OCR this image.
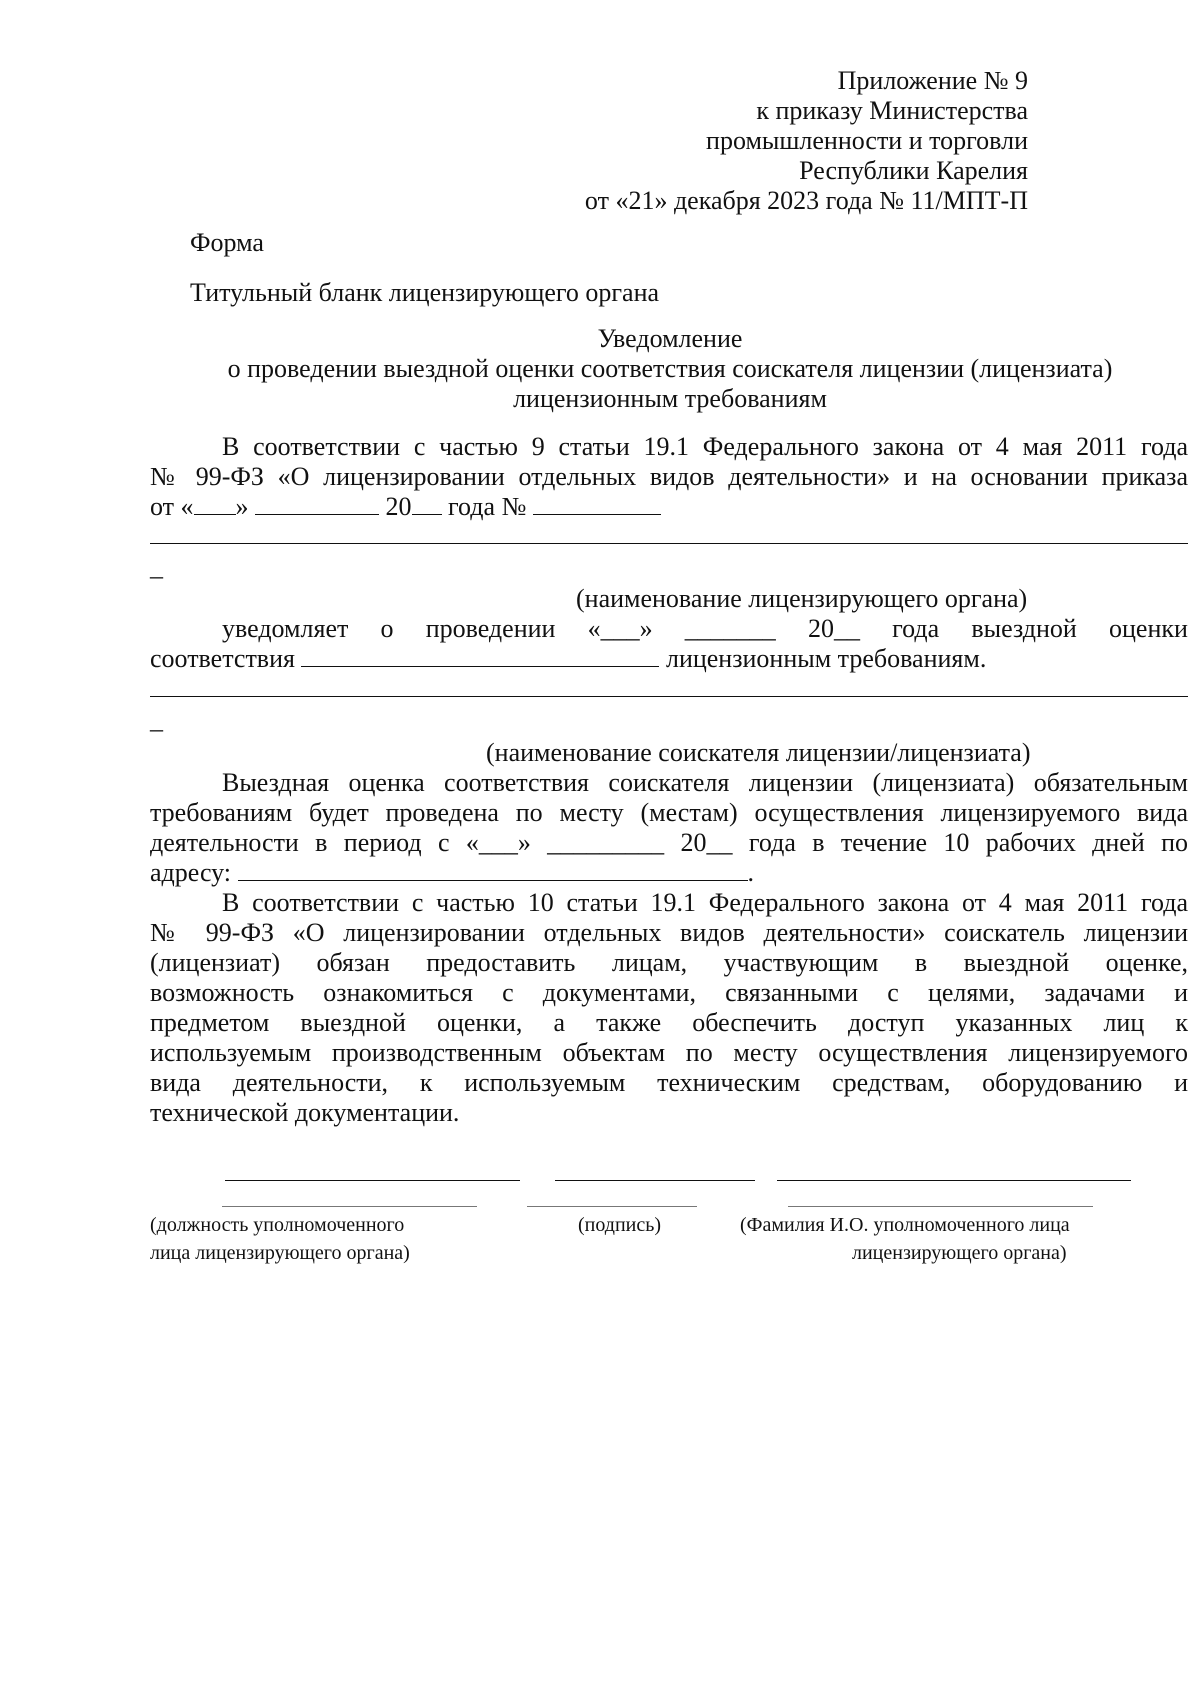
Приложение № 9
к приказу Министерства
промышленности и торговли
Республики Карелия
от «21» декабря 2023 года № 11/МПТ-П
Форма
Титульный бланк лицензирующего органа
Уведомление
о проведении выездной оценки соответствия соискателя лицензии (лицензиата)
лицензионным требованиям
В соответствии с частью 9 статьи 19.1 Федерального закона от 4 мая 2011 года
№ 99-ФЗ «О лицензировании отдельных видов деятельности» и на основании приказа
от « »	20 года №
_
(наименование лицензирующего органа)
уведомляет о проведении «___» _______ 20__ года выездной оценки
соответствия	лицензионным требованиям.
_
(наименование соискателя лицензии/лицензиата)
Выездная оценка соответствия соискателя лицензии (лицензиата) обязательным
требованиям будет проведена по месту (местам) осуществления лицензируемого вида
деятельности в период с «___» _________ 20__ года в течение 10 рабочих дней по
адресу:	.
В соответствии с частью 10 статьи 19.1 Федерального закона от 4 мая 2011 года
№ 99-ФЗ «О лицензировании отдельных видов деятельности» соискатель лицензии
(лицензиат) обязан предоставить лицам, участвующим в выездной оценке,
возможность ознакомиться с документами, связанными с целями, задачами и
предметом выездной оценки, а также обеспечить доступ указанных лиц к
используемым производственным объектам по месту осуществления лицензируемого
вида деятельности, к используемым техническим средствам, оборудованию и
технической документации.
(должность уполномоченного
лица лицензирующего органа)
(подпись)	(Фамилия И.О. уполномоченного лица
лицензирующего органа)
